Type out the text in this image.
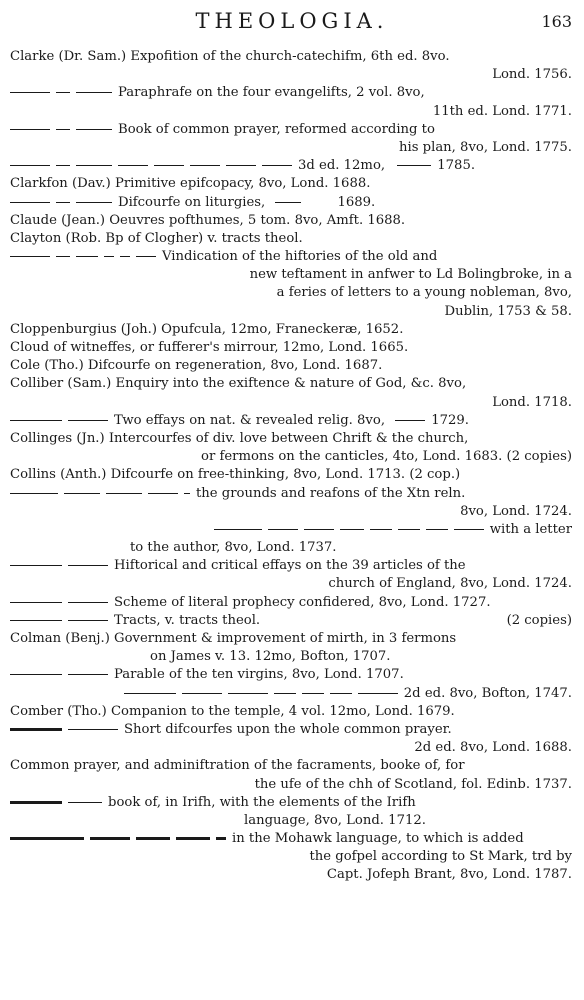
THEOLOGIA.	163
Clarke (Dr. Sam.) Expofition of the church-catechifm, 6th ed. 8vo.
Lond. 1756.
Paraphrafe on the four evangelifts, 2 vol. 8vo,
11th ed. Lond. 1771.
Book of common prayer, reformed according to
his plan, 8vo, Lond. 1775.
3d ed. 12mo,	1785.
Clarkfon (Dav.) Primitive epifcopacy, 8vo, Lond. 1688.
Difcourfe on liturgies,	1689.
Claude (Jean.) Oeuvres pofthumes, 5 tom. 8vo, Amft. 1688.
Clayton (Rob. Bp of Clogher) v. tracts theol.
Vindication of the hiftories of the old and
new teftament in anfwer to Ld Bolingbroke, in a
a feries of letters to a young nobleman, 8vo,
Dublin, 1753 & 58.
Cloppenburgius (Joh.) Opufcula, 12mo, Franeckeræ, 1652.
Cloud of witneffes, or fufferer's mirrour, 12mo, Lond. 1665.
Cole (Tho.) Difcourfe on regeneration, 8vo, Lond. 1687.
Colliber (Sam.) Enquiry into the exiftence & nature of God, &c. 8vo,
Lond. 1718.
Two effays on nat. & revealed relig. 8vo,	1729.
Collinges (Jn.) Intercourfes of div. love between Chrift & the church,
or fermons on the canticles, 4to, Lond. 1683. (2 copies)
Collins (Anth.) Difcourfe on free-thinking, 8vo, Lond. 1713. (2 cop.)
the grounds and reafons of the Xtn reln.
8vo, Lond. 1724.
with a letter
to the author, 8vo, Lond. 1737.
Hiftorical and critical effays on the 39 articles of the
church of England, 8vo, Lond. 1724.
Scheme of literal prophecy confidered, 8vo, Lond. 1727.
Tracts, v. tracts theol.	(2 copies)
Colman (Benj.) Government & improvement of mirth, in 3 fermons
on James v. 13. 12mo, Bofton, 1707.
Parable of the ten virgins, 8vo, Lond. 1707.
2d ed. 8vo, Bofton, 1747.
Comber (Tho.) Companion to the temple, 4 vol. 12mo, Lond. 1679.
Short difcourfes upon the whole common prayer.
2d ed. 8vo, Lond. 1688.
Common prayer, and adminiftration of the facraments, booke of, for
the ufe of the chh of Scotland, fol. Edinb. 1737.
book of, in Irifh, with the elements of the Irifh
language, 8vo, Lond. 1712.
in the Mohawk language, to which is added
the gofpel according to St Mark, trd by
Capt. Jofeph Brant, 8vo, Lond. 1787.
